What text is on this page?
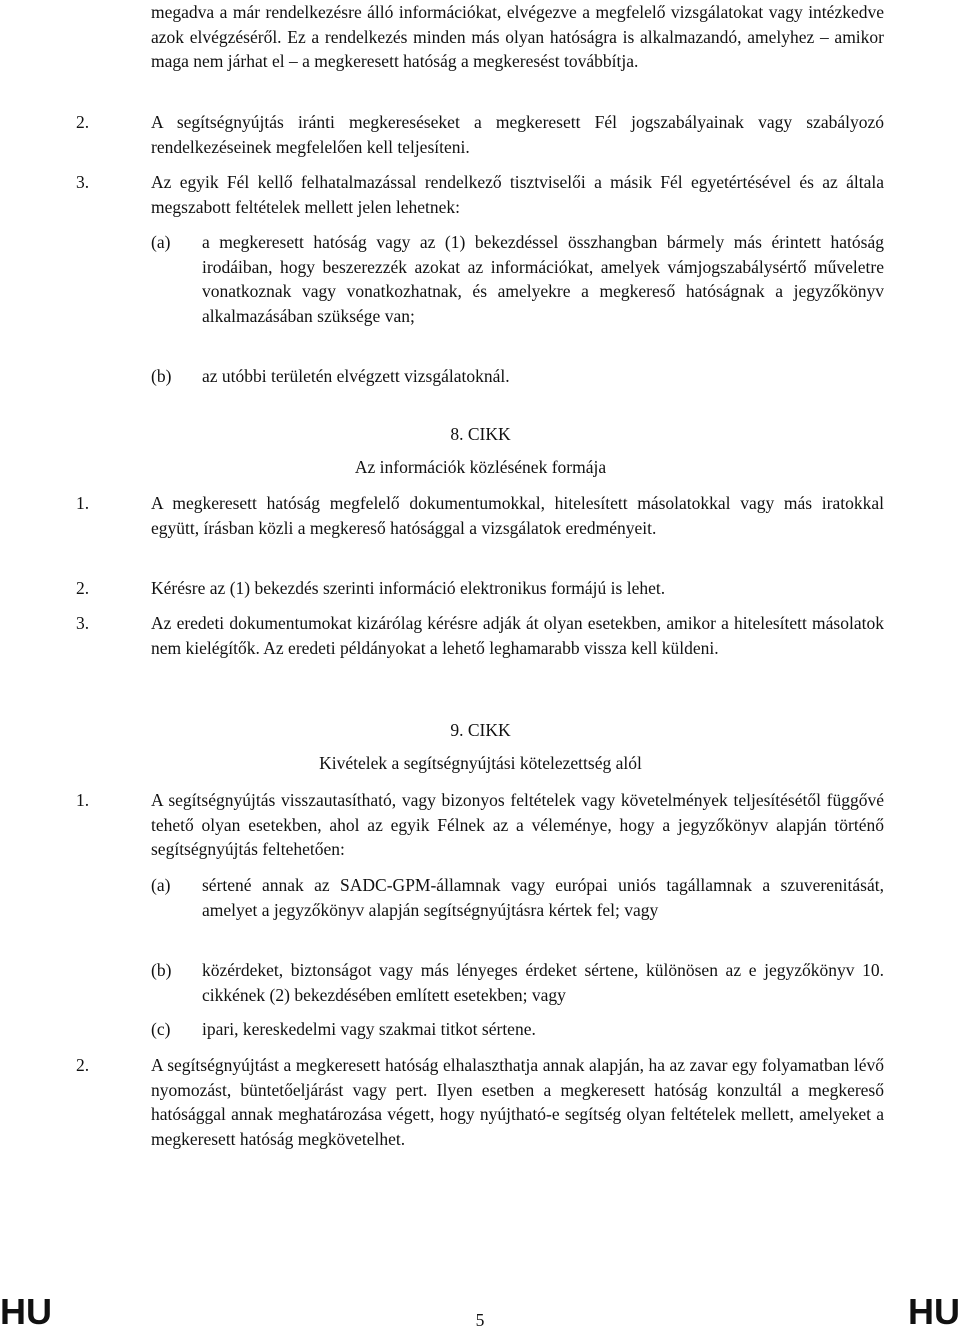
megadva a már rendelkezésre álló információkat, elvégezve a megfelelő vizsgálatokat vagy intézkedve azok elvégzéséről. Ez a rendelkezés minden más olyan hatóságra is alkalmazandó, amelyhez – amikor maga nem járhat el – a megkeresett hatóság a megkeresést továbbítja.
2.	A segítségnyújtás iránti megkereséseket a megkeresett Fél jogszabályainak vagy szabályozó rendelkezéseinek megfelelően kell teljesíteni.
3.	Az egyik Fél kellő felhatalmazással rendelkező tisztviselői a másik Fél egyetértésével és az általa megszabott feltételek mellett jelen lehetnek:
(a) a megkeresett hatóság vagy az (1) bekezdéssel összhangban bármely más érintett hatóság irodáiban, hogy beszerezzék azokat az információkat, amelyek vámjogszabálysértő műveletre vonatkoznak vagy vonatkozhatnak, és amelyekre a megkereső hatóságnak a jegyzőkönyv alkalmazásában szüksége van;
(b) az utóbbi területén elvégzett vizsgálatoknál.
8. CIKK
Az információk közlésének formája
1.	A megkeresett hatóság megfelelő dokumentumokkal, hitelesített másolatokkal vagy más iratokkal együtt, írásban közli a megkereső hatósággal a vizsgálatok eredményeit.
2.	Kérésre az (1) bekezdés szerinti információ elektronikus formájú is lehet.
3.	Az eredeti dokumentumokat kizárólag kérésre adják át olyan esetekben, amikor a hitelesített másolatok nem kielégítők. Az eredeti példányokat a lehető leghamarabb vissza kell küldeni.
9. CIKK
Kivételek a segítségnyújtási kötelezettség alól
1.	A segítségnyújtás visszautasítható, vagy bizonyos feltételek vagy követelmények teljesítésétől függővé tehető olyan esetekben, ahol az egyik Félnek az a véleménye, hogy a jegyzőkönyv alapján történő segítségnyújtás feltehetően:
(a) sértené annak az SADC-GPM-államnak vagy európai uniós tagállamnak a szuverenitását, amelyet a jegyzőkönyv alapján segítségnyújtásra kértek fel; vagy
(b) közérdeket, biztonságot vagy más lényeges érdeket sértene, különösen az e jegyzőkönyv 10. cikkének (2) bekezdésében említett esetekben; vagy
(c) ipari, kereskedelmi vagy szakmai titkot sértene.
2.	A segítségnyújtást a megkeresett hatóság elhalaszthatja annak alapján, ha az zavar egy folyamatban lévő nyomozást, büntetőeljárást vagy pert. Ilyen esetben a megkeresett hatóság konzultál a megkereső hatósággal annak meghatározása végett, hogy nyújtható-e segítség olyan feltételek mellett, amelyeket a megkeresett hatóság megkövetelhet.
HU	5	HU
